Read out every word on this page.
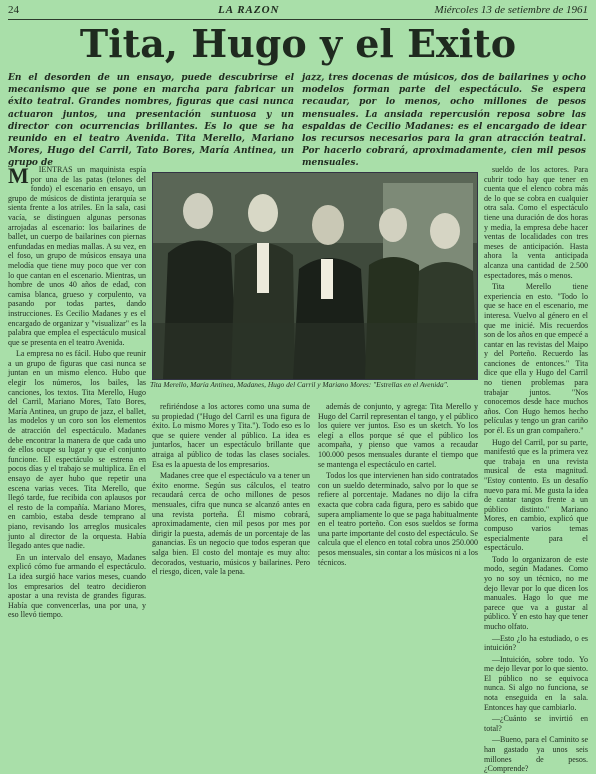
24	LA RAZON	Miércoles 13 de setiembre de 1961
Tita, Hugo y el Exito
En el desorden de un ensayo, puede descubrirse el mecanismo que se pone en marcha para fabricar un éxito teatral. Grandes nombres, figuras que casi nunca actuaron juntos, una presentación suntuosa y un director con ocurrencias brillantes. Es lo que se ha reunido en el teatro Avenida. Tita Merello, Mariano Mores, Hugo del Carril, Tato Bores, María Antinea, un grupo de
jazz, tres docenas de músicos, dos de bailarines y ocho modelos forman parte del espectáculo. Se espera recaudar, por lo menos, ocho millones de pesos mensuales. La ansiada repercusión reposa sobre las espaldas de Cecilio Madanes: es el encargado de idear los recursos necesarios para la gran atracción teatral. Por hacerlo cobrará, aproximadamente, cien mil pesos mensuales.
M	IENTRAS un maquinista espía por una de las patas (telones del fondo) el escenario en ensayo, un grupo de músicos de distinta jerarquía se sienta frente a los atriles. En la sala, casi vacía, se distinguen algunas personas arrojadas al escenario: los bailarines de ballet, un cuerpo de bailarines con piernas enfundadas en medias mallas. A su vez, en el foso, un grupo de músicos ensaya una melodía que tiene muy poco que ver con lo que cantan en el escenario. Mientras, un hombre de unos 40 años de edad, con camisa blanca, grueso y corpulento, va pasando por todas partes, dando instrucciones. Es Cecilio Madanes y es el encargado de organizar y "visualizar" es la palabra que emplea el espectáculo musical que se presenta en el teatro Avenida.

La empresa no es fácil. Hubo que reunir a un grupo de figuras que casi nunca se juntan en un mismo elenco. Hubo que elegir los números, los bailes, las canciones, los textos. Tita Merello, Hugo del Carril, Mariano Mores, Tato Bores, María Antinea, un grupo de jazz, el ballet, las modelos y un coro son los elementos de atracción del espectáculo. Madanes debe encontrar la manera de que cada uno de ellos ocupe su lugar y que el conjunto funcione. El espectáculo se estrena en pocos días y el trabajo se multiplica. En el ensayo de ayer hubo que repetir una escena varias veces. Tita Merello, que llegó tarde, fue recibida con aplausos por el resto de la compañía. Mariano Mores, en cambio, estaba desde temprano al piano, revisando los arreglos musicales junto al director de la orquesta. Había llegado antes que nadie.

En un intervalo del ensayo, Madanes explicó cómo fue armando el espectáculo. La idea surgió hace varios meses, cuando los empresarios del teatro decidieron apostar a una revista de grandes figuras. Había que convencerlas, una por una, y eso llevó tiempo.

Tita Merello, María Antinea, Madanes, Hugo del Carril y Mariano Mores: "Estrellas en el Avenida".

sueldo de los actores. Para cubrir todo hay que tener en cuenta que el elenco cobra más de lo que se cobra en cualquier otra sala. Como el espectáculo tiene una duración de dos horas y media, la empresa debe hacer ventas de localidades con tres meses de anticipación. Hasta ahora la venta anticipada alcanza una cantidad de 2.500 espectadores, más o menos.

Tita Merello tiene experiencia en esto. "Todo lo que se hace en el escenario, me interesa. Vuelvo al género en el que me inicié. Mis recuerdos son de los años en que empecé a cantar en las revistas del Maipo y del Porteño. Recuerdo las canciones de entonces." Tita dice que ella y Hugo del Carril no tienen problemas para trabajar juntos. "Nos conocemos desde hace muchos años. Con Hugo hemos hecho películas y tengo un gran cariño por él. Es un gran compañero."

Hugo del Carril, por su parte, manifestó que es la primera vez que trabaja en una revista musical de esta magnitud. "Estoy contento. Es un desafío nuevo para mí. Me gusta la idea de cantar tangos frente a un público distinto." Mariano Mores, en cambio, explicó que compuso varios temas especialmente para el espectáculo.

Todo lo organizaron de este modo, según Madanes. Como yo no soy un técnico, no me dejo llevar por lo que dicen los manuales. Hago lo que me parece que va a gustar al público. Y en esto hay que tener mucho olfato.

—Esto ¿lo ha estudiado, o es intuición?

—Intuición, sobre todo. Yo me dejo llevar por lo que siento. El público no se equivoca nunca. Si algo no funciona, se nota enseguida en la sala. Entonces hay que cambiarlo.

—¿Cuánto se invirtió en total?

—Bueno, para el Caminito se han gastado ya unos seis millones de pesos. ¿Comprende?

refiriéndose a los actores como una suma de su propiedad ("Hugo del Carril es una figura de éxito. Lo mismo Mores y Tita."). Todo eso es lo que se quiere vender al público. La idea es juntarlos, hacer un espectáculo brillante que atraiga al público de todas las clases sociales. Esa es la apuesta de los empresarios.

Madanes cree que el espectáculo va a tener un éxito enorme. Según sus cálculos, el teatro recaudará cerca de ocho millones de pesos mensuales, cifra que nunca se alcanzó antes en una revista porteña. Él mismo cobrará, aproximadamente, cien mil pesos por mes por dirigir la puesta, además de un porcentaje de las ganancias. Es un negocio que todos esperan que salga bien. El costo del montaje es muy alto: decorados, vestuario, músicos y bailarines. Pero el riesgo, dicen, vale la pena.

además de conjunto, y agrega: Tita Merello y Hugo del Carril representan el tango, y el público los quiere ver juntos. Eso es un sketch. Yo los elegí a ellos porque sé que el público los acompaña, y pienso que vamos a recaudar 100.000 pesos mensuales durante el tiempo que se mantenga el espectáculo en cartel.

Todos los que intervienen han sido contratados con un sueldo determinado, salvo por lo que se refiere al porcentaje. Madanes no dijo la cifra exacta que cobra cada figura, pero es sabido que supera ampliamente lo que se paga habitualmente en el teatro porteño. Con esos sueldos se forma una parte importante del costo del espectáculo. Se calcula que el elenco en total cobra unos 250.000 pesos mensuales, sin contar a los músicos ni a los técnicos.
